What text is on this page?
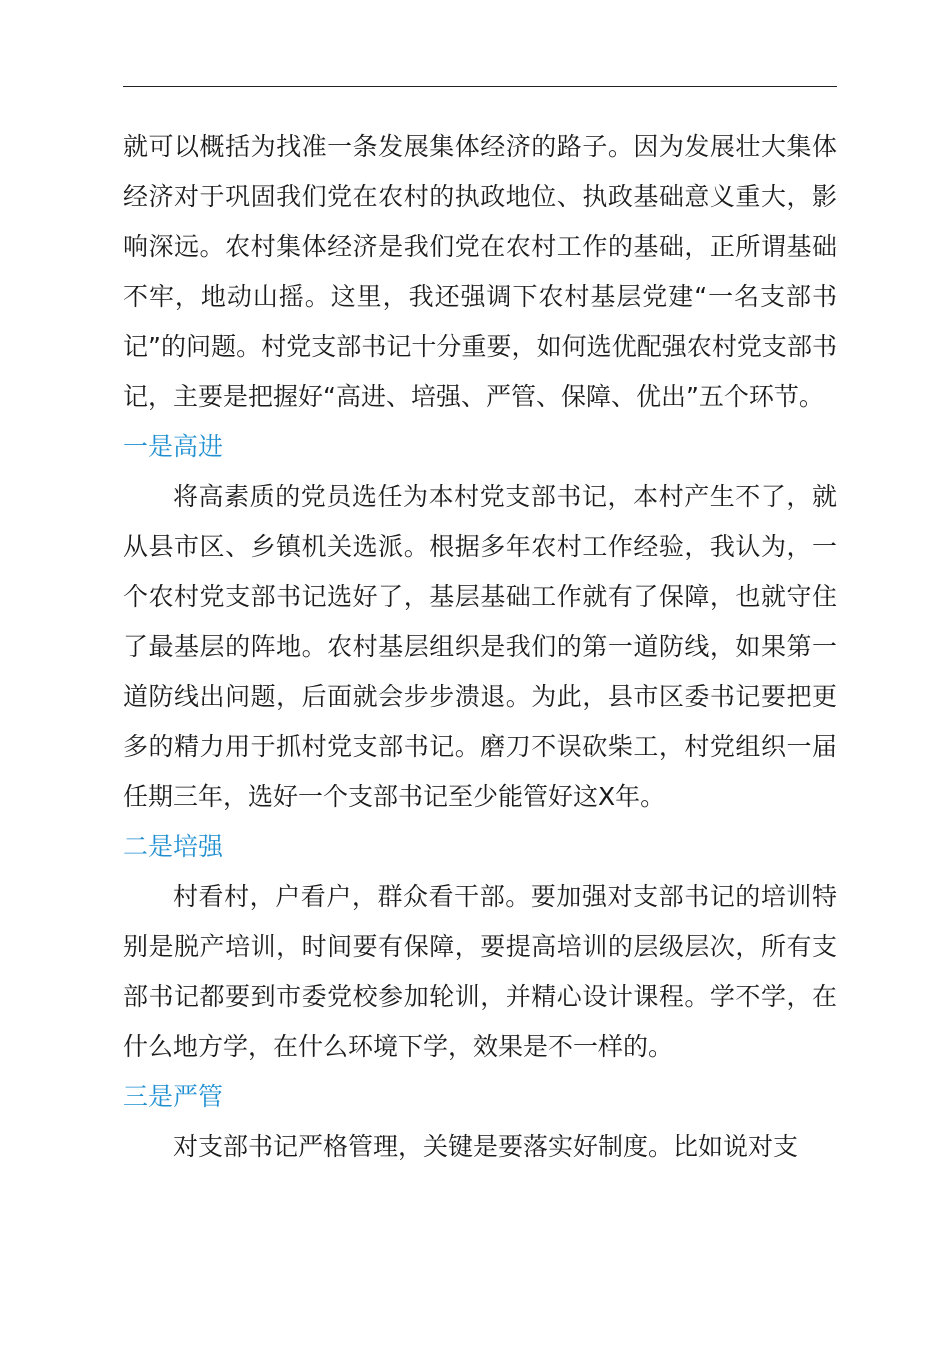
就可以概括为找准一条发展集体经济的路子。因为发展壮大集体经济对于巩固我们党在农村的执政地位、执政基础意义重大，影响深远。农村集体经济是我们党在农村工作的基础，正所谓基础不牢，地动山摇。这里，我还强调下农村基层党建“一名支部书记”的问题。村党支部书记十分重要，如何选优配强农村党支部书记，主要是把握好“高进、培强、严管、保障、优出”五个环节。

一是高进

将高素质的党员选任为本村党支部书记，本村产生不了，就从县市区、乡镇机关选派。根据多年农村工作经验，我认为，一个农村党支部书记选好了，基层基础工作就有了保障，也就守住了最基层的阵地。农村基层组织是我们的第一道防线，如果第一道防线出问题，后面就会步步溃退。为此，县市区委书记要把更多的精力用于抓村党支部书记。磨刀不误砍柴工，村党组织一届任期三年，选好一个支部书记至少能管好这X年。

二是培强

村看村，户看户，群众看干部。要加强对支部书记的培训特别是脱产培训，时间要有保障，要提高培训的层级层次，所有支部书记都要到市委党校参加轮训，并精心设计课程。学不学，在什么地方学，在什么环境下学，效果是不一样的。

三是严管

对支部书记严格管理，关键是要落实好制度。比如说对支
